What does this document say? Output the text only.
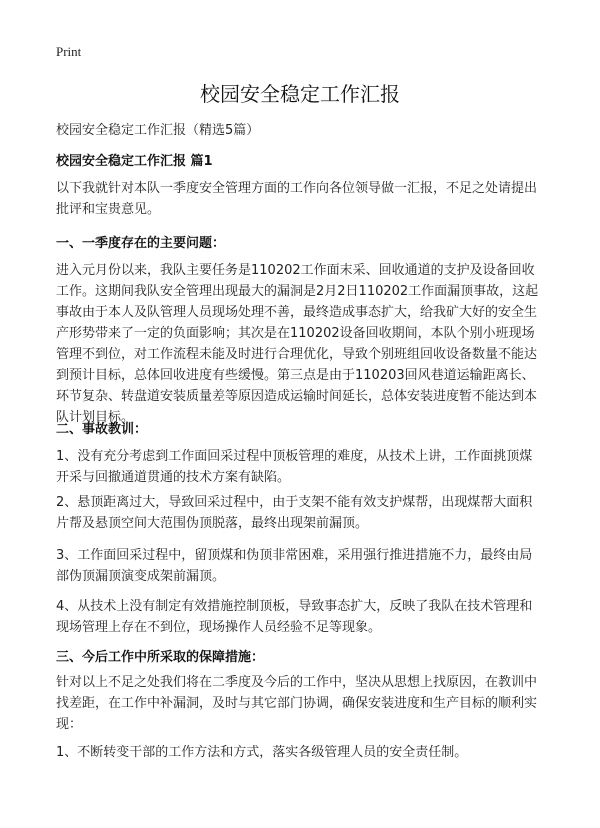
Print
校园安全稳定工作汇报

校园安全稳定工作汇报（精选5篇）

校园安全稳定工作汇报 篇1

以下我就针对本队一季度安全管理方面的工作向各位领导做一汇报，不足之处请提出批评和宝贵意见。

一、一季度存在的主要问题：

进入元月份以来，我队主要任务是110202工作面末采、回收通道的支护及设备回收工作。这期间我队安全管理出现最大的漏洞是2月2日110202工作面漏顶事故，这起事故由于本人及队管理人员现场处理不善，最终造成事态扩大，给我矿大好的安全生产形势带来了一定的负面影响；其次是在110202设备回收期间，本队个别小班现场管理不到位，对工作流程未能及时进行合理优化，导致个别班组回收设备数量不能达到预计目标，总体回收进度有些缓慢。第三点是由于110203回风巷道运输距离长、环节复杂、转盘道安装质量差等原因造成运输时间延长，总体安装进度暂不能达到本队计划目标。

二、事故教训：

1、没有充分考虑到工作面回采过程中顶板管理的难度，从技术上讲，工作面挑顶煤开采与回撤通道贯通的技术方案有缺陷。

2、悬顶距离过大，导致回采过程中，由于支架不能有效支护煤帮，出现煤帮大面积片帮及悬顶空间大范围伪顶脱落，最终出现架前漏顶。

3、工作面回采过程中，留顶煤和伪顶非常困难，采用强行推进措施不力，最终由局部伪顶漏顶演变成架前漏顶。

4、从技术上没有制定有效措施控制顶板，导致事态扩大，反映了我队在技术管理和现场管理上存在不到位，现场操作人员经验不足等现象。

三、今后工作中所采取的保障措施：

针对以上不足之处我们将在二季度及今后的工作中，坚决从思想上找原因，在教训中找差距，在工作中补漏洞，及时与其它部门协调，确保安装进度和生产目标的顺利实现：

1、不断转变干部的工作方法和方式，落实各级管理人员的安全责任制。
